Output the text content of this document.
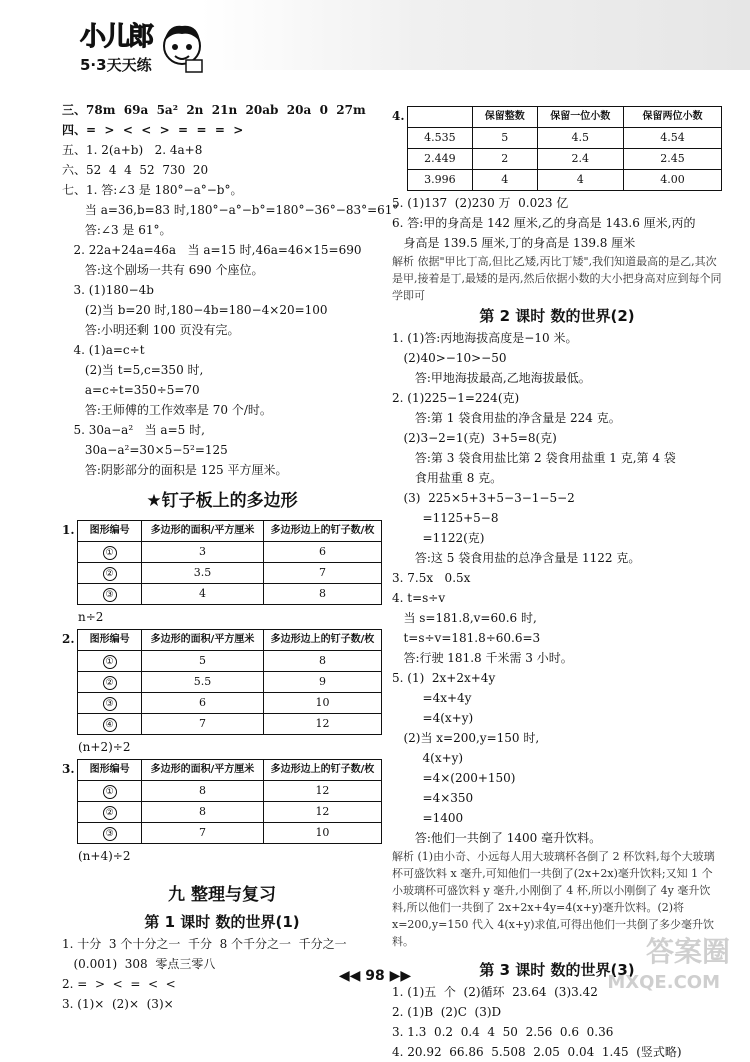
小儿郎
5·3天天练
三、78m  69a  5a²  2n  21n  20ab  20a  0  27m
四、=  >  <  <  >  =  =  =  >
五、1. 2(a+b)   2. 4a+8
六、52  4  4  52  730  20
七、1. 答:∠3 是 180°−a°−b°。
当 a=36,b=83 时,180°−a°−b°=180°−36°−83°=61°
答:∠3 是 61°。
2. 22a+24a=46a   当 a=15 时,46a=46×15=690
答:这个剧场一共有 690 个座位。
3. (1)180−4b
(2)当 b=20 时,180−4b=180−4×20=100
答:小明还剩 100 页没有完。
4. (1)a=c÷t
(2)当 t=5,c=350 时,
a=c÷t=350÷5=70
答:王师傅的工作效率是 70 个/时。
5. 30a−a²   当 a=5 时,
30a−a²=30×5−5²=125
答:阴影部分的面积是 125 平方厘米。
★钉子板上的多边形
1. 图形编号	多边形的面积/平方厘米	多边形边上的钉子数/枚
①	3	6
②	3.5	7
③	4	8
n÷2
2. 图形编号	多边形的面积/平方厘米	多边形边上的钉子数/枚
①	5	8
②	5.5	9
③	6	10
④	7	12
(n+2)÷2
3. 图形编号	多边形的面积/平方厘米	多边形边上的钉子数/枚
①	8	12
②	8	12
③	7	10
(n+4)÷2
九 整理与复习
第 1 课时 数的世界(1)
1. 十分  3 个十分之一  千分  8 个千分之一  千分之一
(0.001)  308  零点三零八
2. =  >  <  =  <  <
3. (1)×  (2)×  (3)×
4.
		保留整数	保留一位小数	保留两位小数
4.535	5	4.5	4.54
2.449	2	2.4	2.45
3.996	4	4	4.00
5. (1)137  (2)230 万  0.023 亿
6. 答:甲的身高是 142 厘米,乙的身高是 143.6 厘米,丙的
身高是 139.5 厘米,丁的身高是 139.8 厘米
解析 依据"甲比丁高,但比乙矮,丙比丁矮",我们知道最高的是乙,其次是甲,接着是丁,最矮的是丙,然后依据小数的大小把身高对应到每个同学即可
第 2 课时 数的世界(2)
1. (1)答:丙地海拔高度是−10 米。
(2)40>−10>−50
答:甲地海拔最高,乙地海拔最低。
2. (1)225−1=224(克)
答:第 1 袋食用盐的净含量是 224 克。
(2)3−2=1(克)  3+5=8(克)
答:第 3 袋食用盐比第 2 袋食用盐重 1 克,第 4 袋
食用盐重 8 克。
(3)  225×5+3+5−3−1−5−2
=1125+5−8
=1122(克)
答:这 5 袋食用盐的总净含量是 1122 克。
3. 7.5x   0.5x
4. t=s÷v
当 s=181.8,v=60.6 时,
t=s÷v=181.8÷60.6=3
答:行驶 181.8 千米需 3 小时。
5. (1)  2x+2x+4y
=4x+4y
=4(x+y)
(2)当 x=200,y=150 时,
4(x+y)
=4×(200+150)
=4×350
=1400
答:他们一共倒了 1400 毫升饮料。
解析 (1)由小奇、小远每人用大玻璃杯各倒了 2 杯饮料,每个大玻璃杯可盛饮料 x 毫升,可知他们一共倒了(2x+2x)毫升饮料;又知 1 个小玻璃杯可盛饮料 y 毫升,小刚倒了 4 杯,所以小刚倒了 4y 毫升饮料,所以他们一共倒了 2x+2x+4y=4(x+y)毫升饮料。(2)将 x=200,y=150 代入 4(x+y)求值,可得出他们一共倒了多少毫升饮料。
第 3 课时 数的世界(3)
1. (1)五  个  (2)循环  23.64  (3)3.42
2. (1)B  (2)C  (3)D
3. 1.3  0.2  0.4  4  50  2.56  0.6  0.36
4. 20.92  66.86  5.508  2.05  0.04  1.45  (竖式略)
◀◀ 98 ▶▶
答案圈
MXQE.COM
